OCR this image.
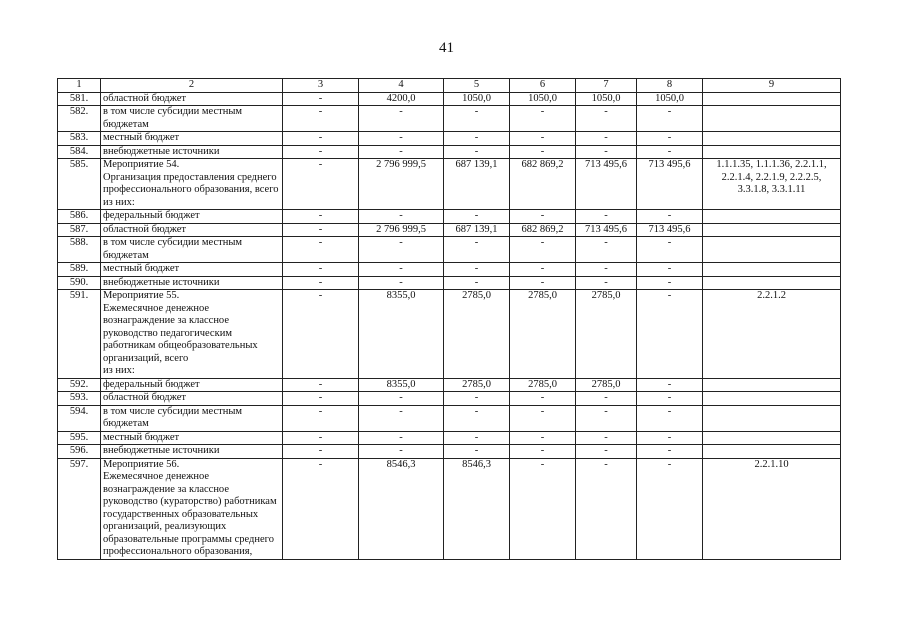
41
1	2	3	4	5	6	7	8	9
581.	областной бюджет	-	4200,0	1050,0	1050,0	1050,0	1050,0	
582.	в том числе субсидии местным бюджетам	-	-	-	-	-	-	
583.	местный бюджет	-	-	-	-	-	-	
584.	внебюджетные источники	-	-	-	-	-	-	
585.	Мероприятие 54.
Организация предоставления среднего профессионального образования, всего
из них:	-	2 796 999,5	687 139,1	682 869,2	713 495,6	713 495,6	1.1.1.35, 1.1.1.36, 2.2.1.1, 2.2.1.4, 2.2.1.9, 2.2.2.5, 3.3.1.8, 3.3.1.11
586.	федеральный бюджет	-	-	-	-	-	-	
587.	областной бюджет	-	2 796 999,5	687 139,1	682 869,2	713 495,6	713 495,6	
588.	в том числе субсидии местным бюджетам	-	-	-	-	-	-	
589.	местный бюджет	-	-	-	-	-	-	
590.	внебюджетные источники	-	-	-	-	-	-	
591.	Мероприятие 55.
Ежемесячное денежное вознаграждение за классное руководство педагогическим работникам общеобразовательных организаций, всего
из них:	-	8355,0	2785,0	2785,0	2785,0	-	2.2.1.2
592.	федеральный бюджет	-	8355,0	2785,0	2785,0	2785,0	-	
593.	областной бюджет	-	-	-	-	-	-	
594.	в том числе субсидии местным бюджетам	-	-	-	-	-	-	
595.	местный бюджет	-	-	-	-	-	-	
596.	внебюджетные источники	-	-	-	-	-	-	
597.	Мероприятие 56.
Ежемесячное денежное вознаграждение за классное руководство (кураторство) работникам государственных образовательных организаций, реализующих образовательные программы среднего профессионального образования,	-	8546,3	8546,3	-	-	-	2.2.1.10
